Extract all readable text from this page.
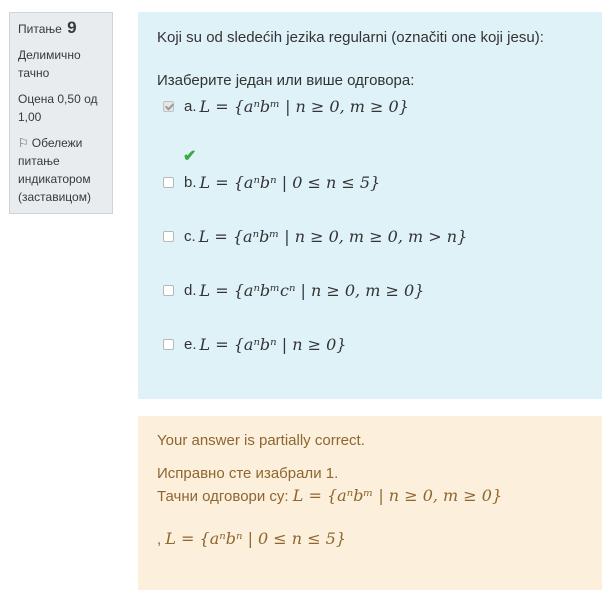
Питање 9
Делимично тачно
Оцена 0,50 од 1,00
⚐ Обележи питање индикатором (заставицом)
Koji su od sledećih jezika regularni (označiti one koji jesu):
Изаберите један или више одговора:
a. L = {aⁿbᵐ | n ≥ 0, m ≥ 0}
✔
b. L = {aⁿbⁿ | 0 ≤ n ≤ 5}
c. L = {aⁿbᵐ | n ≥ 0, m ≥ 0, m > n}
d. L = {aⁿbᵐcⁿ | n ≥ 0, m ≥ 0}
e. L = {aⁿbⁿ | n ≥ 0}
Your answer is partially correct.
Исправно сте изабрали 1.
Тачни одговори су: L = {aⁿbᵐ | n ≥ 0, m ≥ 0}
, L = {aⁿbⁿ | 0 ≤ n ≤ 5}
